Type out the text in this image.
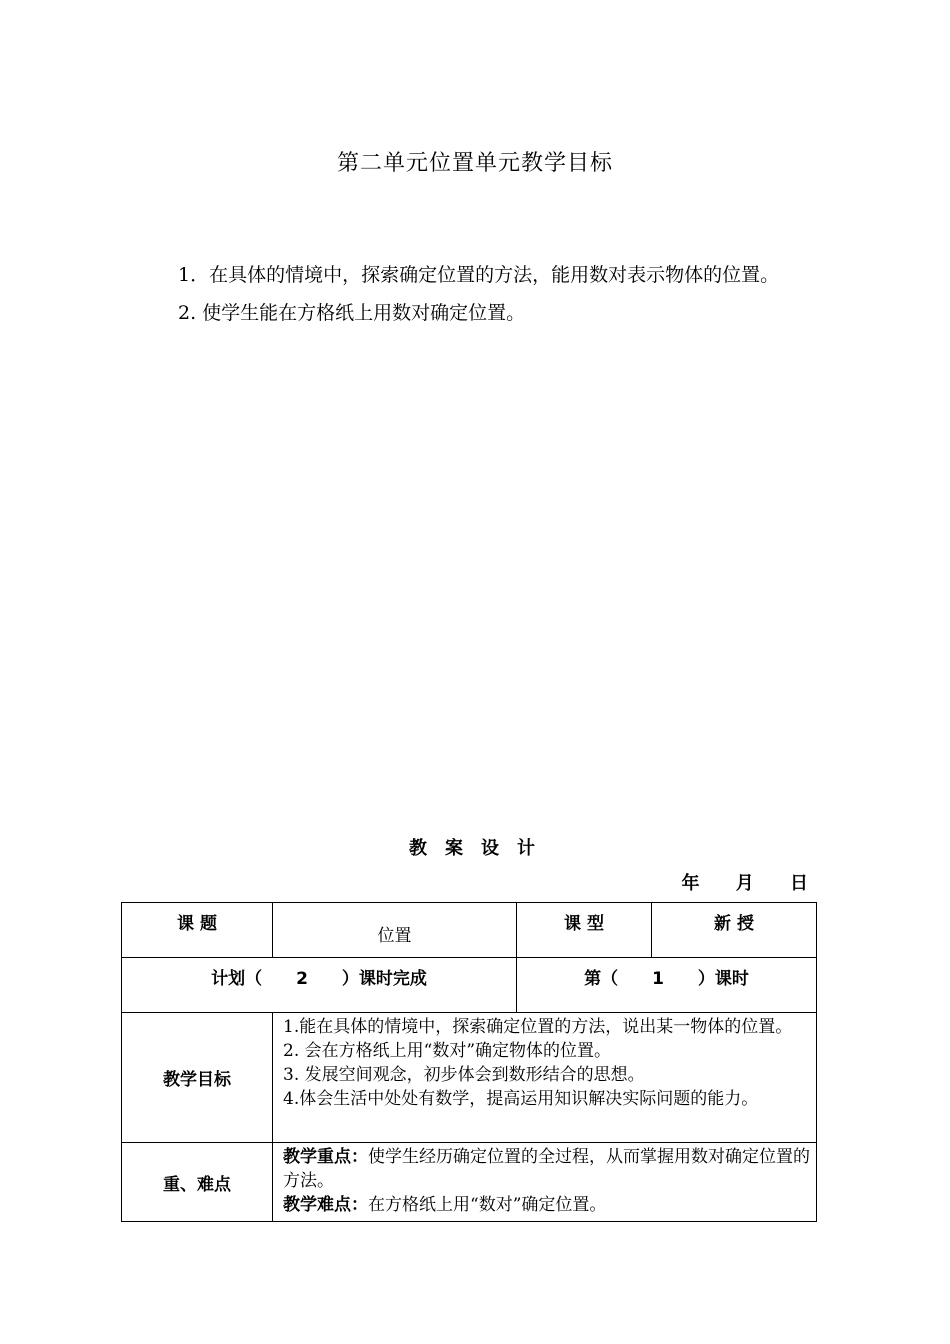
第二单元位置单元教学目标

1．在具体的情境中，探索确定位置的方法，能用数对表示物体的位置。

2. 使学生能在方格纸上用数对确定位置。

教案设计
年 月 日
课 题	位置	课 型	新 授
计划（　　2　　）课时完成		第（　　1　　）课时	
教学目标	1.能在具体的情境中，探索确定位置的方法，说出某一物体的位置。
2. 会在方格纸上用“数对”确定物体的位置。
3. 发展空间观念，初步体会到数形结合的思想。
4.体会生活中处处有数学，提高运用知识解决实际问题的能力。		

重、难点	教学重点：使学生经历确定位置的全过程，从而掌握用数对确定位置的方法。
教学难点：在方格纸上用“数对”确定位置。		
